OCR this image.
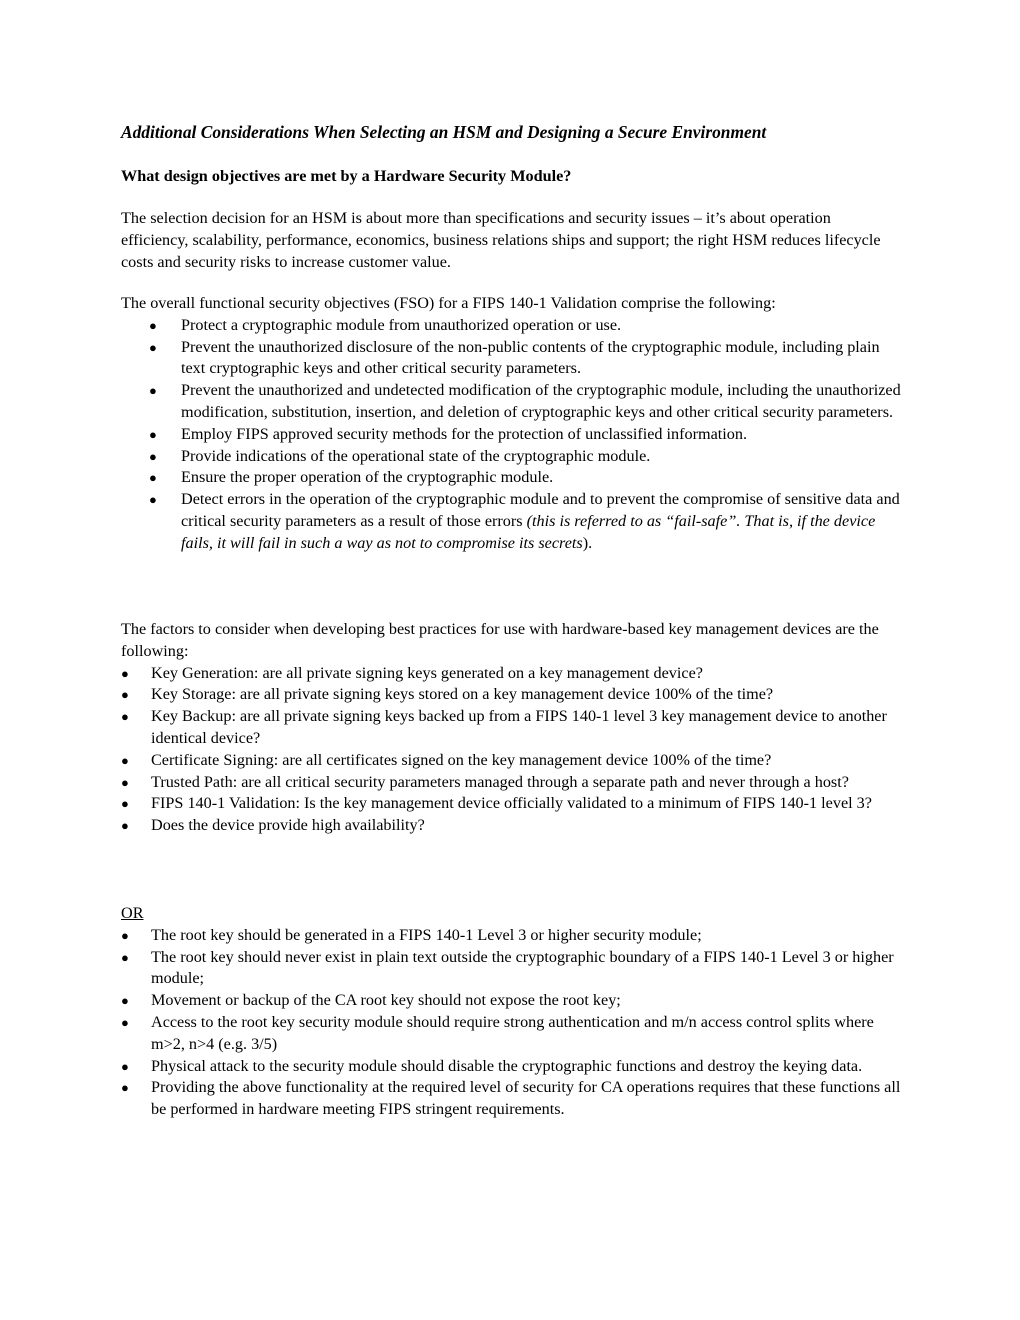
Additional Considerations When Selecting an HSM and Designing a Secure Environment
What design objectives are met by a Hardware Security Module?

The selection decision for an HSM is about more than specifications and security issues – it’s about operation efficiency, scalability, performance, economics, business relations ships and support; the right HSM reduces lifecycle costs and security risks to increase customer value.

The overall functional security objectives (FSO) for a FIPS 140-1 Validation comprise the following:

● Protect a cryptographic module from unauthorized operation or use.
● Prevent the unauthorized disclosure of the non-public contents of the cryptographic module, including plain text cryptographic keys and other critical security parameters.
● Prevent the unauthorized and undetected modification of the cryptographic module, including the unauthorized modification, substitution, insertion, and deletion of cryptographic keys and other critical security parameters.
● Employ FIPS approved security methods for the protection of unclassified information.
● Provide indications of the operational state of the cryptographic module.
● Ensure the proper operation of the cryptographic module.
● Detect errors in the operation of the cryptographic module and to prevent the compromise of sensitive data and critical security parameters as a result of those errors (this is referred to as “fail-safe”. That is, if the device fails, it will fail in such a way as not to compromise its secrets).

The factors to consider when developing best practices for use with hardware-based key management devices are the following:

● Key Generation: are all private signing keys generated on a key management device?
● Key Storage: are all private signing keys stored on a key management device 100% of the time?
● Key Backup: are all private signing keys backed up from a FIPS 140-1 level 3 key management device to another identical device?
● Certificate Signing: are all certificates signed on the key management device 100% of the time?
● Trusted Path: are all critical security parameters managed through a separate path and never through a host?
● FIPS 140-1 Validation: Is the key management device officially validated to a minimum of FIPS 140-1 level 3?
● Does the device provide high availability?

OR

● The root key should be generated in a FIPS 140-1 Level 3 or higher security module;
● The root key should never exist in plain text outside the cryptographic boundary of a FIPS 140-1 Level 3 or higher module;
● Movement or backup of the CA root key should not expose the root key;
● Access to the root key security module should require strong authentication and m/n access control splits where m>2, n>4 (e.g. 3/5)
● Physical attack to the security module should disable the cryptographic functions and destroy the keying data.
● Providing the above functionality at the required level of security for CA operations requires that these functions all be performed in hardware meeting FIPS stringent requirements.
